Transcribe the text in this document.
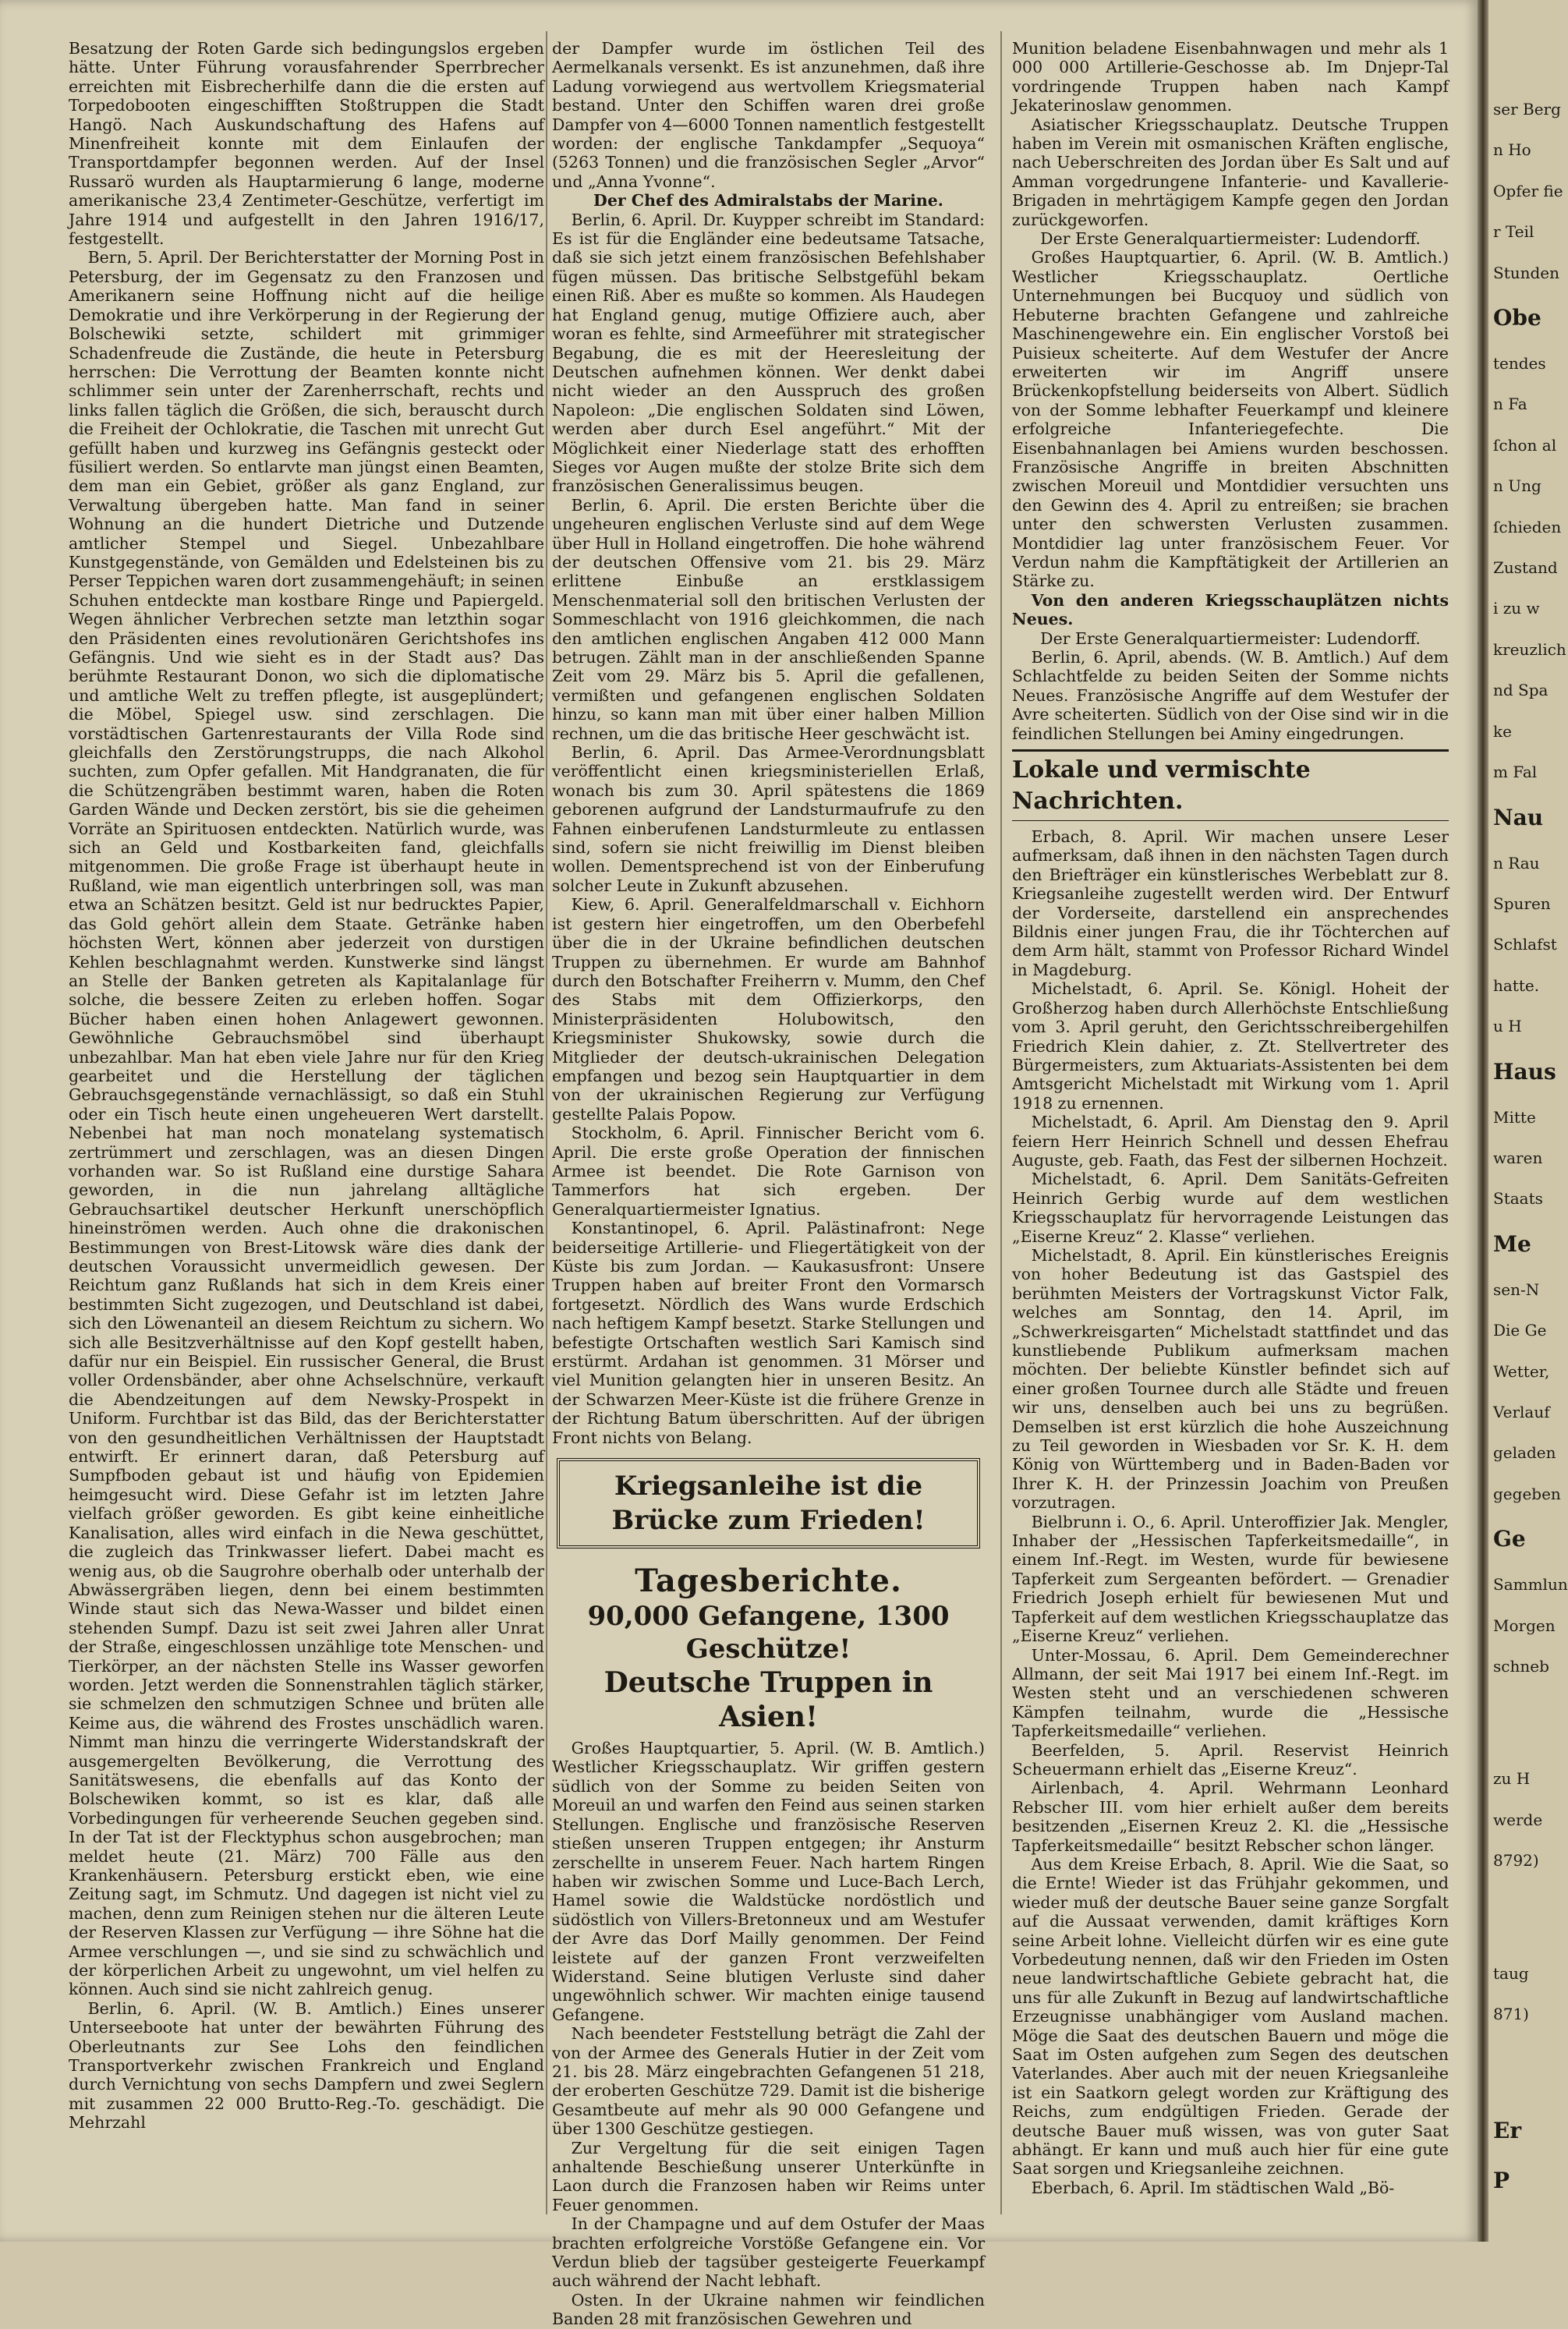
Besatzung der Roten Garde sich bedingungslos ergeben hätte. Unter Führung vorausfahrender Sperrbrecher erreichten mit Eisbrecherhilfe dann die die ersten auf Torpedobooten eingeschifften Stoßtruppen die Stadt Hangö. Nach Auskundschaftung des Hafens auf Minenfreiheit konnte mit dem Einlaufen der Transportdampfer begonnen werden. Auf der Insel Russarö wurden als Hauptarmierung 6 lange, moderne amerikanische 23,4 Zentimeter-Geschütze, verfertigt im Jahre 1914 und aufgestellt in den Jahren 1916/17, festgestellt.

Bern, 5. April. Der Berichterstatter der Morning Post in Petersburg, der im Gegensatz zu den Franzosen und Amerikanern seine Hoffnung nicht auf die heilige Demokratie und ihre Verkörperung in der Regierung der Bolschewiki setzte, schildert mit grimmiger Schadenfreude die Zustände, die heute in Petersburg herrschen: Die Verrottung der Beamten konnte nicht schlimmer sein unter der Zarenherrschaft, rechts und links fallen täglich die Größen, die sich, berauscht durch die Freiheit der Ochlokratie, die Taschen mit unrecht Gut gefüllt haben und kurzweg ins Gefängnis gesteckt oder füsiliert werden. So entlarvte man jüngst einen Beamten, dem man ein Gebiet, größer als ganz England, zur Verwaltung übergeben hatte. Man fand in seiner Wohnung an die hundert Dietriche und Dutzende amtlicher Stempel und Siegel. Unbezahlbare Kunstgegenstände, von Gemälden und Edelsteinen bis zu Perser Teppichen waren dort zusammengehäuft; in seinen Schuhen entdeckte man kostbare Ringe und Papiergeld. Wegen ähnlicher Verbrechen setzte man letzthin sogar den Präsidenten eines revolutionären Gerichtshofes ins Gefängnis. Und wie sieht es in der Stadt aus? Das berühmte Restaurant Donon, wo sich die diplomatische und amtliche Welt zu treffen pflegte, ist ausgeplündert; die Möbel, Spiegel usw. sind zerschlagen. Die vorstädtischen Gartenrestaurants der Villa Rode sind gleichfalls den Zerstörungstrupps, die nach Alkohol suchten, zum Opfer gefallen. Mit Handgranaten, die für die Schützengräben bestimmt waren, haben die Roten Garden Wände und Decken zerstört, bis sie die geheimen Vorräte an Spirituosen entdeckten. Natürlich wurde, was sich an Geld und Kostbarkeiten fand, gleichfalls mitgenommen. Die große Frage ist überhaupt heute in Rußland, wie man eigentlich unterbringen soll, was man etwa an Schätzen besitzt. Geld ist nur bedrucktes Papier, das Gold gehört allein dem Staate. Getränke haben höchsten Wert, können aber jederzeit von durstigen Kehlen beschlagnahmt werden. Kunstwerke sind längst an Stelle der Banken getreten als Kapitalanlage für solche, die bessere Zeiten zu erleben hoffen. Sogar Bücher haben einen hohen Anlagewert gewonnen. Gewöhnliche Gebrauchsmöbel sind überhaupt unbezahlbar. Man hat eben viele Jahre nur für den Krieg gearbeitet und die Herstellung der täglichen Gebrauchsgegenstände vernachlässigt, so daß ein Stuhl oder ein Tisch heute einen ungeheueren Wert darstellt. Nebenbei hat man noch monatelang systematisch zertrümmert und zerschlagen, was an diesen Dingen vorhanden war. So ist Rußland eine durstige Sahara geworden, in die nun jahrelang alltägliche Gebrauchsartikel deutscher Herkunft unerschöpflich hineinströmen werden. Auch ohne die drakonischen Bestimmungen von Brest-Litowsk wäre dies dank der deutschen Voraussicht unvermeidlich gewesen. Der Reichtum ganz Rußlands hat sich in dem Kreis einer bestimmten Sicht zugezogen, und Deutschland ist dabei, sich den Löwenanteil an diesem Reichtum zu sichern. Wo sich alle Besitzverhältnisse auf den Kopf gestellt haben, dafür nur ein Beispiel. Ein russischer General, die Brust voller Ordensbänder, aber ohne Achselschnüre, verkauft die Abendzeitungen auf dem Newsky-Prospekt in Uniform. Furchtbar ist das Bild, das der Berichterstatter von den gesundheitlichen Verhältnissen der Hauptstadt entwirft. Er erinnert daran, daß Petersburg auf Sumpfboden gebaut ist und häufig von Epidemien heimgesucht wird. Diese Gefahr ist im letzten Jahre vielfach größer geworden. Es gibt keine einheitliche Kanalisation, alles wird einfach in die Newa geschüttet, die zugleich das Trinkwasser liefert. Dabei macht es wenig aus, ob die Saugrohre oberhalb oder unterhalb der Abwässergräben liegen, denn bei einem bestimmten Winde staut sich das Newa-Wasser und bildet einen stehenden Sumpf. Dazu ist seit zwei Jahren aller Unrat der Straße, eingeschlossen unzählige tote Menschen- und Tierkörper, an der nächsten Stelle ins Wasser geworfen worden. Jetzt werden die Sonnenstrahlen täglich stärker, sie schmelzen den schmutzigen Schnee und brüten alle Keime aus, die während des Frostes unschädlich waren. Nimmt man hinzu die verringerte Widerstandskraft der ausgemergelten Bevölkerung, die Verrottung des Sanitätswesens, die ebenfalls auf das Konto der Bolschewiken kommt, so ist es klar, daß alle Vorbedingungen für verheerende Seuchen gegeben sind. In der Tat ist der Flecktyphus schon ausgebrochen; man meldet heute (21. März) 700 Fälle aus den Krankenhäusern. Petersburg erstickt eben, wie eine Zeitung sagt, im Schmutz. Und dagegen ist nicht viel zu machen, denn zum Reinigen stehen nur die älteren Leute der Reserven Klassen zur Verfügung — ihre Söhne hat die Armee verschlungen —, und sie sind zu schwächlich und der körperlichen Arbeit zu ungewohnt, um viel helfen zu können. Auch sind sie nicht zahlreich genug.

Berlin, 6. April. (W. B. Amtlich.) Eines unserer Unterseeboote hat unter der bewährten Führung des Oberleutnants zur See Lohs den feindlichen Transportverkehr zwischen Frankreich und England durch Vernichtung von sechs Dampfern und zwei Seglern mit zusammen 22 000 Brutto-Reg.-To. geschädigt. Die Mehrzahl

der Dampfer wurde im östlichen Teil des Aermelkanals versenkt. Es ist anzunehmen, daß ihre Ladung vorwiegend aus wertvollem Kriegsmaterial bestand. Unter den Schiffen waren drei große Dampfer von 4—6000 Tonnen namentlich festgestellt worden: der englische Tankdampfer „Sequoya“ (5263 Tonnen) und die französischen Segler „Arvor“ und „Anna Yvonne“.

Der Chef des Admiralstabs der Marine.

Berlin, 6. April. Dr. Kuypper schreibt im Standard: Es ist für die Engländer eine bedeutsame Tatsache, daß sie sich jetzt einem französischen Befehlshaber fügen müssen. Das britische Selbstgefühl bekam einen Riß. Aber es mußte so kommen. Als Haudegen hat England genug, mutige Offiziere auch, aber woran es fehlte, sind Armeeführer mit strategischer Begabung, die es mit der Heeresleitung der Deutschen aufnehmen können. Wer denkt dabei nicht wieder an den Ausspruch des großen Napoleon: „Die englischen Soldaten sind Löwen, werden aber durch Esel angeführt.“ Mit der Möglichkeit einer Niederlage statt des erhofften Sieges vor Augen mußte der stolze Brite sich dem französischen Generalissimus beugen.

Berlin, 6. April. Die ersten Berichte über die ungeheuren englischen Verluste sind auf dem Wege über Hull in Holland eingetroffen. Die hohe während der deutschen Offensive vom 21. bis 29. März erlittene Einbuße an erstklassigem Menschenmaterial soll den britischen Verlusten der Sommeschlacht von 1916 gleichkommen, die nach den amtlichen englischen Angaben 412 000 Mann betrugen. Zählt man in der anschließenden Spanne Zeit vom 29. März bis 5. April die gefallenen, vermißten und gefangenen englischen Soldaten hinzu, so kann man mit über einer halben Million rechnen, um die das britische Heer geschwächt ist.

Berlin, 6. April. Das Armee-Verordnungsblatt veröffentlicht einen kriegsministeriellen Erlaß, wonach bis zum 30. April spätestens die 1869 geborenen aufgrund der Landsturmaufrufe zu den Fahnen einberufenen Landsturmleute zu entlassen sind, sofern sie nicht freiwillig im Dienst bleiben wollen. Dementsprechend ist von der Einberufung solcher Leute in Zukunft abzusehen.

Kiew, 6. April. Generalfeldmarschall v. Eichhorn ist gestern hier eingetroffen, um den Oberbefehl über die in der Ukraine befindlichen deutschen Truppen zu übernehmen. Er wurde am Bahnhof durch den Botschafter Freiherrn v. Mumm, den Chef des Stabs mit dem Offizierkorps, den Ministerpräsidenten Holubowitsch, den Kriegsminister Shukowsky, sowie durch die Mitglieder der deutsch-ukrainischen Delegation empfangen und bezog sein Hauptquartier in dem von der ukrainischen Regierung zur Verfügung gestellte Palais Popow.

Stockholm, 6. April. Finnischer Bericht vom 6. April. Die erste große Operation der finnischen Armee ist beendet. Die Rote Garnison von Tammerfors hat sich ergeben. Der Generalquartiermeister Ignatius.

Konstantinopel, 6. April. Palästinafront: Nege beiderseitige Artillerie- und Fliegertätigkeit von der Küste bis zum Jordan. — Kaukasusfront: Unsere Truppen haben auf breiter Front den Vormarsch fortgesetzt. Nördlich des Wans wurde Erdschich nach heftigem Kampf besetzt. Starke Stellungen und befestigte Ortschaften westlich Sari Kamisch sind erstürmt. Ardahan ist genommen. 31 Mörser und viel Munition gelangten hier in unseren Besitz. An der Schwarzen Meer-Küste ist die frühere Grenze in der Richtung Batum überschritten. Auf der übrigen Front nichts von Belang.

Kriegsanleihe ist die Brücke zum Frieden!
Tagesberichte.
90,000 Gefangene, 1300 Geschütze!
Deutsche Truppen in Asien!

Großes Hauptquartier, 5. April. (W. B. Amtlich.) Westlicher Kriegsschauplatz. Wir griffen gestern südlich von der Somme zu beiden Seiten von Moreuil an und warfen den Feind aus seinen starken Stellungen. Englische und französische Reserven stießen unseren Truppen entgegen; ihr Ansturm zerschellte in unserem Feuer. Nach hartem Ringen haben wir zwischen Somme und Luce-Bach Lerch, Hamel sowie die Waldstücke nordöstlich und südöstlich von Villers-Bretonneux und am Westufer der Avre das Dorf Mailly genommen. Der Feind leistete auf der ganzen Front verzweifelten Widerstand. Seine blutigen Verluste sind daher ungewöhnlich schwer. Wir machten einige tausend Gefangene.

Nach beendeter Feststellung beträgt die Zahl der von der Armee des Generals Hutier in der Zeit vom 21. bis 28. März eingebrachten Gefangenen 51 218, der eroberten Geschütze 729. Damit ist die bisherige Gesamtbeute auf mehr als 90 000 Gefangene und über 1300 Geschütze gestiegen.

Zur Vergeltung für die seit einigen Tagen anhaltende Beschießung unserer Unterkünfte in Laon durch die Franzosen haben wir Reims unter Feuer genommen.

In der Champagne und auf dem Ostufer der Maas brachten erfolgreiche Vorstöße Gefangene ein. Vor Verdun blieb der tagsüber gesteigerte Feuerkampf auch während der Nacht lebhaft.

Osten. In der Ukraine nahmen wir feindlichen Banden 28 mit französischen Gewehren und

Munition beladene Eisenbahnwagen und mehr als 1 000 000 Artillerie-Geschosse ab. Im Dnjepr-Tal vordringende Truppen haben nach Kampf Jekaterinoslaw genommen.

Asiatischer Kriegsschauplatz. Deutsche Truppen haben im Verein mit osmanischen Kräften englische, nach Ueberschreiten des Jordan über Es Salt und auf Amman vorgedrungene Infanterie- und Kavallerie-Brigaden in mehrtägigem Kampfe gegen den Jordan zurückgeworfen.

Der Erste Generalquartiermeister: Ludendorff.

Großes Hauptquartier, 6. April. (W. B. Amtlich.) Westlicher Kriegsschauplatz. Oertliche Unternehmungen bei Bucquoy und südlich von Hebuterne brachten Gefangene und zahlreiche Maschinengewehre ein. Ein englischer Vorstoß bei Puisieux scheiterte. Auf dem Westufer der Ancre erweiterten wir im Angriff unsere Brückenkopfstellung beiderseits von Albert. Südlich von der Somme lebhafter Feuerkampf und kleinere erfolgreiche Infanteriegefechte. Die Eisenbahnanlagen bei Amiens wurden beschossen. Französische Angriffe in breiten Abschnitten zwischen Moreuil und Montdidier versuchten uns den Gewinn des 4. April zu entreißen; sie brachen unter den schwersten Verlusten zusammen. Montdidier lag unter französischem Feuer. Vor Verdun nahm die Kampftätigkeit der Artillerien an Stärke zu.

Von den anderen Kriegsschauplätzen nichts Neues.

Der Erste Generalquartiermeister: Ludendorff.

Berlin, 6. April, abends. (W. B. Amtlich.) Auf dem Schlachtfelde zu beiden Seiten der Somme nichts Neues. Französische Angriffe auf dem Westufer der Avre scheiterten. Südlich von der Oise sind wir in die feindlichen Stellungen bei Aminy eingedrungen.

Lokale und vermischte Nachrichten.

Erbach, 8. April. Wir machen unsere Leser aufmerksam, daß ihnen in den nächsten Tagen durch den Briefträger ein künstlerisches Werbeblatt zur 8. Kriegsanleihe zugestellt werden wird. Der Entwurf der Vorderseite, darstellend ein ansprechendes Bildnis einer jungen Frau, die ihr Töchterchen auf dem Arm hält, stammt von Professor Richard Windel in Magdeburg.

Michelstadt, 6. April. Se. Königl. Hoheit der Großherzog haben durch Allerhöchste Entschließung vom 3. April geruht, den Gerichtsschreibergehilfen Friedrich Klein dahier, z. Zt. Stellvertreter des Bürgermeisters, zum Aktuariats-Assistenten bei dem Amtsgericht Michelstadt mit Wirkung vom 1. April 1918 zu ernennen.

Michelstadt, 6. April. Am Dienstag den 9. April feiern Herr Heinrich Schnell und dessen Ehefrau Auguste, geb. Faath, das Fest der silbernen Hochzeit.

Michelstadt, 6. April. Dem Sanitäts-Gefreiten Heinrich Gerbig wurde auf dem westlichen Kriegsschauplatz für hervorragende Leistungen das „Eiserne Kreuz“ 2. Klasse“ verliehen.

Michelstadt, 8. April. Ein künstlerisches Ereignis von hoher Bedeutung ist das Gastspiel des berühmten Meisters der Vortragskunst Victor Falk, welches am Sonntag, den 14. April, im „Schwerkreisgarten“ Michelstadt stattfindet und das kunstliebende Publikum aufmerksam machen möchten. Der beliebte Künstler befindet sich auf einer großen Tournee durch alle Städte und freuen wir uns, denselben auch bei uns zu begrüßen. Demselben ist erst kürzlich die hohe Auszeichnung zu Teil geworden in Wiesbaden vor Sr. K. H. dem König von Württemberg und in Baden-Baden vor Ihrer K. H. der Prinzessin Joachim von Preußen vorzutragen.

Bielbrunn i. O., 6. April. Unteroffizier Jak. Mengler, Inhaber der „Hessischen Tapferkeitsmedaille“, in einem Inf.-Regt. im Westen, wurde für bewiesene Tapferkeit zum Sergeanten befördert. — Grenadier Friedrich Joseph erhielt für bewiesenen Mut und Tapferkeit auf dem westlichen Kriegsschauplatze das „Eiserne Kreuz“ verliehen.

Unter-Mossau, 6. April. Dem Gemeinderechner Allmann, der seit Mai 1917 bei einem Inf.-Regt. im Westen steht und an verschiedenen schweren Kämpfen teilnahm, wurde die „Hessische Tapferkeitsmedaille“ verliehen.

Beerfelden, 5. April. Reservist Heinrich Scheuermann erhielt das „Eiserne Kreuz“.

Airlenbach, 4. April. Wehrmann Leonhard Rebscher III. vom hier erhielt außer dem bereits besitzenden „Eisernen Kreuz 2. Kl. die „Hessische Tapferkeitsmedaille“ besitzt Rebscher schon länger.

Aus dem Kreise Erbach, 8. April. Wie die Saat, so die Ernte! Wieder ist das Frühjahr gekommen, und wieder muß der deutsche Bauer seine ganze Sorgfalt auf die Aussaat verwenden, damit kräftiges Korn seine Arbeit lohne. Vielleicht dürfen wir es eine gute Vorbedeutung nennen, daß wir den Frieden im Osten neue landwirtschaftliche Gebiete gebracht hat, die uns für alle Zukunft in Bezug auf landwirtschaftliche Erzeugnisse unabhängiger vom Ausland machen. Möge die Saat des deutschen Bauern und möge die Saat im Osten aufgehen zum Segen des deutschen Vaterlandes. Aber auch mit der neuen Kriegsanleihe ist ein Saatkorn gelegt worden zur Kräftigung des Reichs, zum endgültigen Frieden. Gerade der deutsche Bauer muß wissen, was von guter Saat abhängt. Er kann und muß auch hier für eine gute Saat sorgen und Kriegsanleihe zeichnen.

Eberbach, 6. April. Im städtischen Wald „Bö-

ser Berg
n Ho
Opfer fie
r Teil
Stunden
Obe
tendes
n Fa
ſchon al
n Ung
ſchieden
Zustand
i zu w
kreuzlich
nd Spa
ke
m Fal
Nau
n Rau
Spuren
Schlafst
hatte.
u H
Haus
Mitte
waren
Staats
Me
sen-N
Die Ge
Wetter,
Verlauf
geladen
gegeben
Ge
Sammlun
Morgen
schneb
zu H
werde
8792)
taug
871)
Er
P
